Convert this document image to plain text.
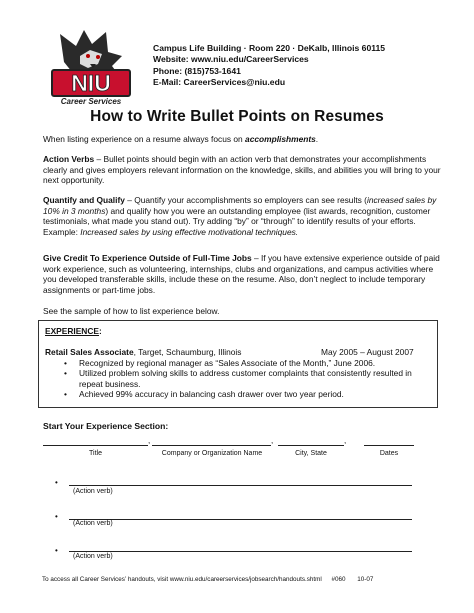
NIU
Career Services
Campus Life Building · Room 220 · DeKalb, Illinois 60115
Website: www.niu.edu/CareerServices
Phone: (815)753-1641
E-Mail: CareerServices@niu.edu
How to Write Bullet Points on Resumes
When listing experience on a resume always focus on accomplishments.
Action Verbs – Bullet points should begin with an action verb that demonstrates your accomplishments clearly and gives employers relevant information on the knowledge, skills, and abilities you will bring to your next opportunity.
Quantify and Qualify – Quantify your accomplishments so employers can see results (increased sales by 10% in 3 months) and qualify how you were an outstanding employee (list awards, recognition, customer testimonials, what made you stand out). Try adding “by” or “through” to identify results of your efforts. Example: Increased sales by using effective motivational techniques.
Give Credit To Experience Outside of Full-Time Jobs – If you have extensive experience outside of paid work experience, such as volunteering, internships, clubs and organizations, and campus activities where you developed transferable skills, include these on the resume. Also, don’t neglect to include temporary assignments or part-time jobs.
See the sample of how to list experience below.
EXPERIENCE:
Retail Sales Associate, Target, Schaumburg, Illinois	May 2005 – August 2007
• Recognized by regional manager as “Sales Associate of the Month,” June 2006.
• Utilized problem solving skills to address customer complaints that consistently resulted in repeat business.
• Achieved 99% accuracy in balancing cash drawer over two year period.
Start Your Experience Section:
,	,	,
Title	Company or Organization Name	City, State	Dates
•
(Action verb)
•
(Action verb)
•
(Action verb)
To access all Career Services’ handouts, visit www.niu.edu/careerservices/jobsearch/handouts.shtml #060 10-07
